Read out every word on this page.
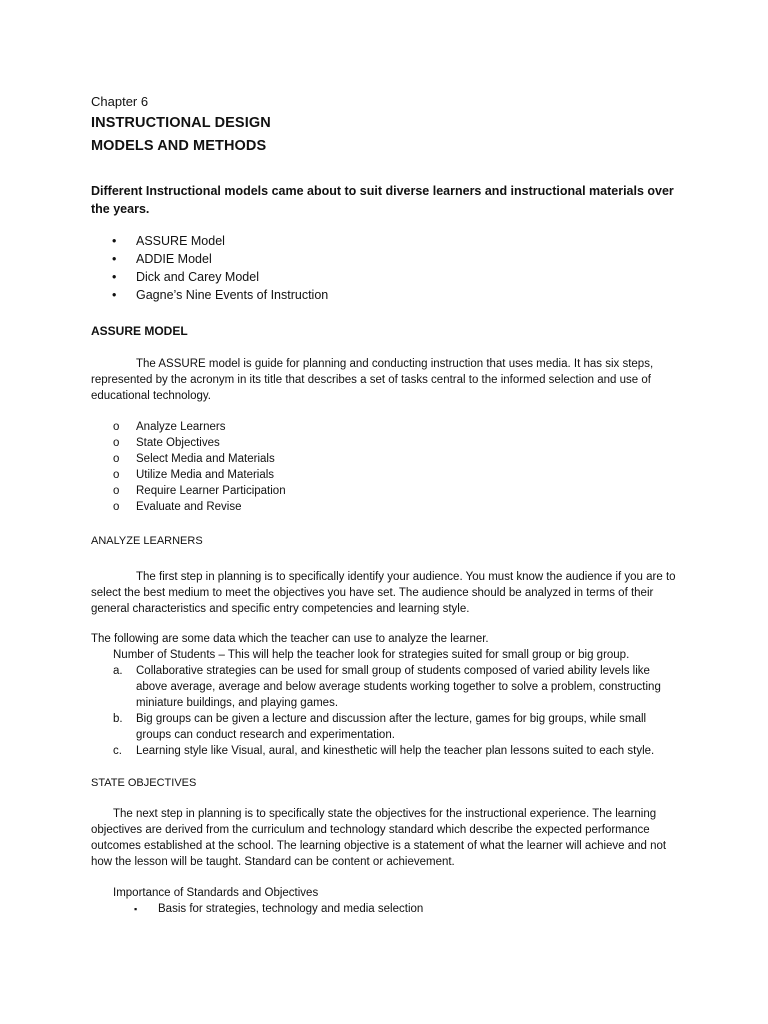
Chapter 6
INSTRUCTIONAL DESIGN
MODELS AND METHODS

Different Instructional models came about to suit diverse learners and instructional materials over the years.

• ASSURE Model
• ADDIE Model
• Dick and Carey Model
• Gagne’s Nine Events of Instruction
ASSURE MODEL

The ASSURE model is guide for planning and conducting instruction that uses media. It has six steps, represented by the acronym in its title that describes a set of tasks central to the informed selection and use of educational technology.

o Analyze Learners
o State Objectives
o Select Media and Materials
o Utilize Media and Materials
o Require Learner Participation
o Evaluate and Revise
ANALYZE LEARNERS

The first step in planning is to specifically identify your audience. You must know the audience if you are to select the best medium to meet the objectives you have set. The audience should be analyzed in terms of their general characteristics and specific entry competencies and learning style.

The following are some data which the teacher can use to analyze the learner.

Number of Students – This will help the teacher look for strategies suited for small group or big group.

a. Collaborative strategies can be used for small group of students composed of varied ability levels like above average, average and below average students working together to solve a problem, constructing miniature buildings, and playing games.
b. Big groups can be given a lecture and discussion after the lecture, games for big groups, while small groups can conduct research and experimentation.
c. Learning style like Visual, aural, and kinesthetic will help the teacher plan lessons suited to each style.
STATE OBJECTIVES

The next step in planning is to specifically state the objectives for the instructional experience. The learning objectives are derived from the curriculum and technology standard which describe the expected performance outcomes established at the school. The learning objective is a statement of what the learner will achieve and not how the lesson will be taught. Standard can be content or achievement.

Importance of Standards and Objectives
▪ Basis for strategies, technology and media selection
